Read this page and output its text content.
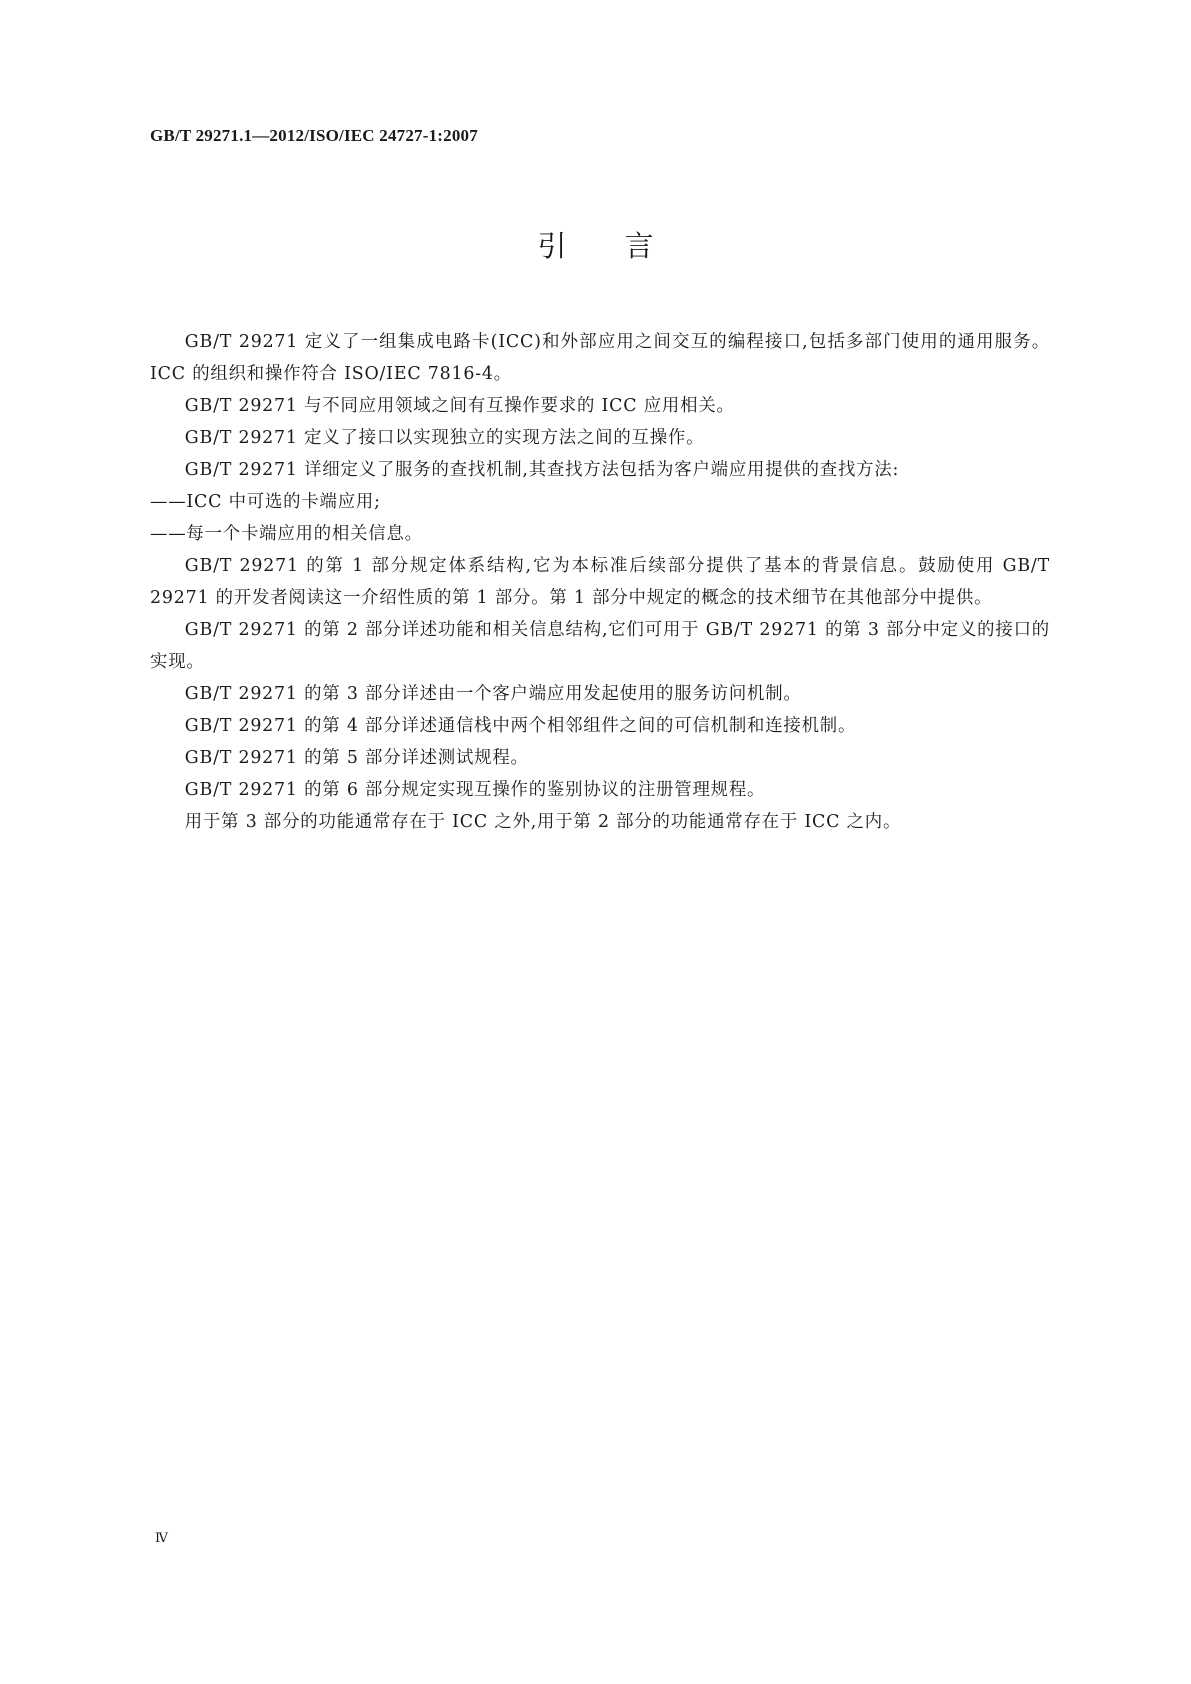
GB/T 29271.1—2012/ISO/IEC 24727-1:2007

引言

GB/T 29271 定义了一组集成电路卡(ICC)和外部应用之间交互的编程接口,包括多部门使用的通用服务。ICC 的组织和操作符合 ISO/IEC 7816-4。

GB/T 29271 与不同应用领域之间有互操作要求的 ICC 应用相关。

GB/T 29271 定义了接口以实现独立的实现方法之间的互操作。

GB/T 29271 详细定义了服务的查找机制,其查找方法包括为客户端应用提供的查找方法:

——ICC 中可选的卡端应用;

——每一个卡端应用的相关信息。

GB/T 29271 的第 1 部分规定体系结构,它为本标准后续部分提供了基本的背景信息。鼓励使用 GB/T 29271 的开发者阅读这一介绍性质的第 1 部分。第 1 部分中规定的概念的技术细节在其他部分中提供。

GB/T 29271 的第 2 部分详述功能和相关信息结构,它们可用于 GB/T 29271 的第 3 部分中定义的接口的实现。

GB/T 29271 的第 3 部分详述由一个客户端应用发起使用的服务访问机制。

GB/T 29271 的第 4 部分详述通信栈中两个相邻组件之间的可信机制和连接机制。

GB/T 29271 的第 5 部分详述测试规程。

GB/T 29271 的第 6 部分规定实现互操作的鉴别协议的注册管理规程。

用于第 3 部分的功能通常存在于 ICC 之外,用于第 2 部分的功能通常存在于 ICC 之内。

Ⅳ
